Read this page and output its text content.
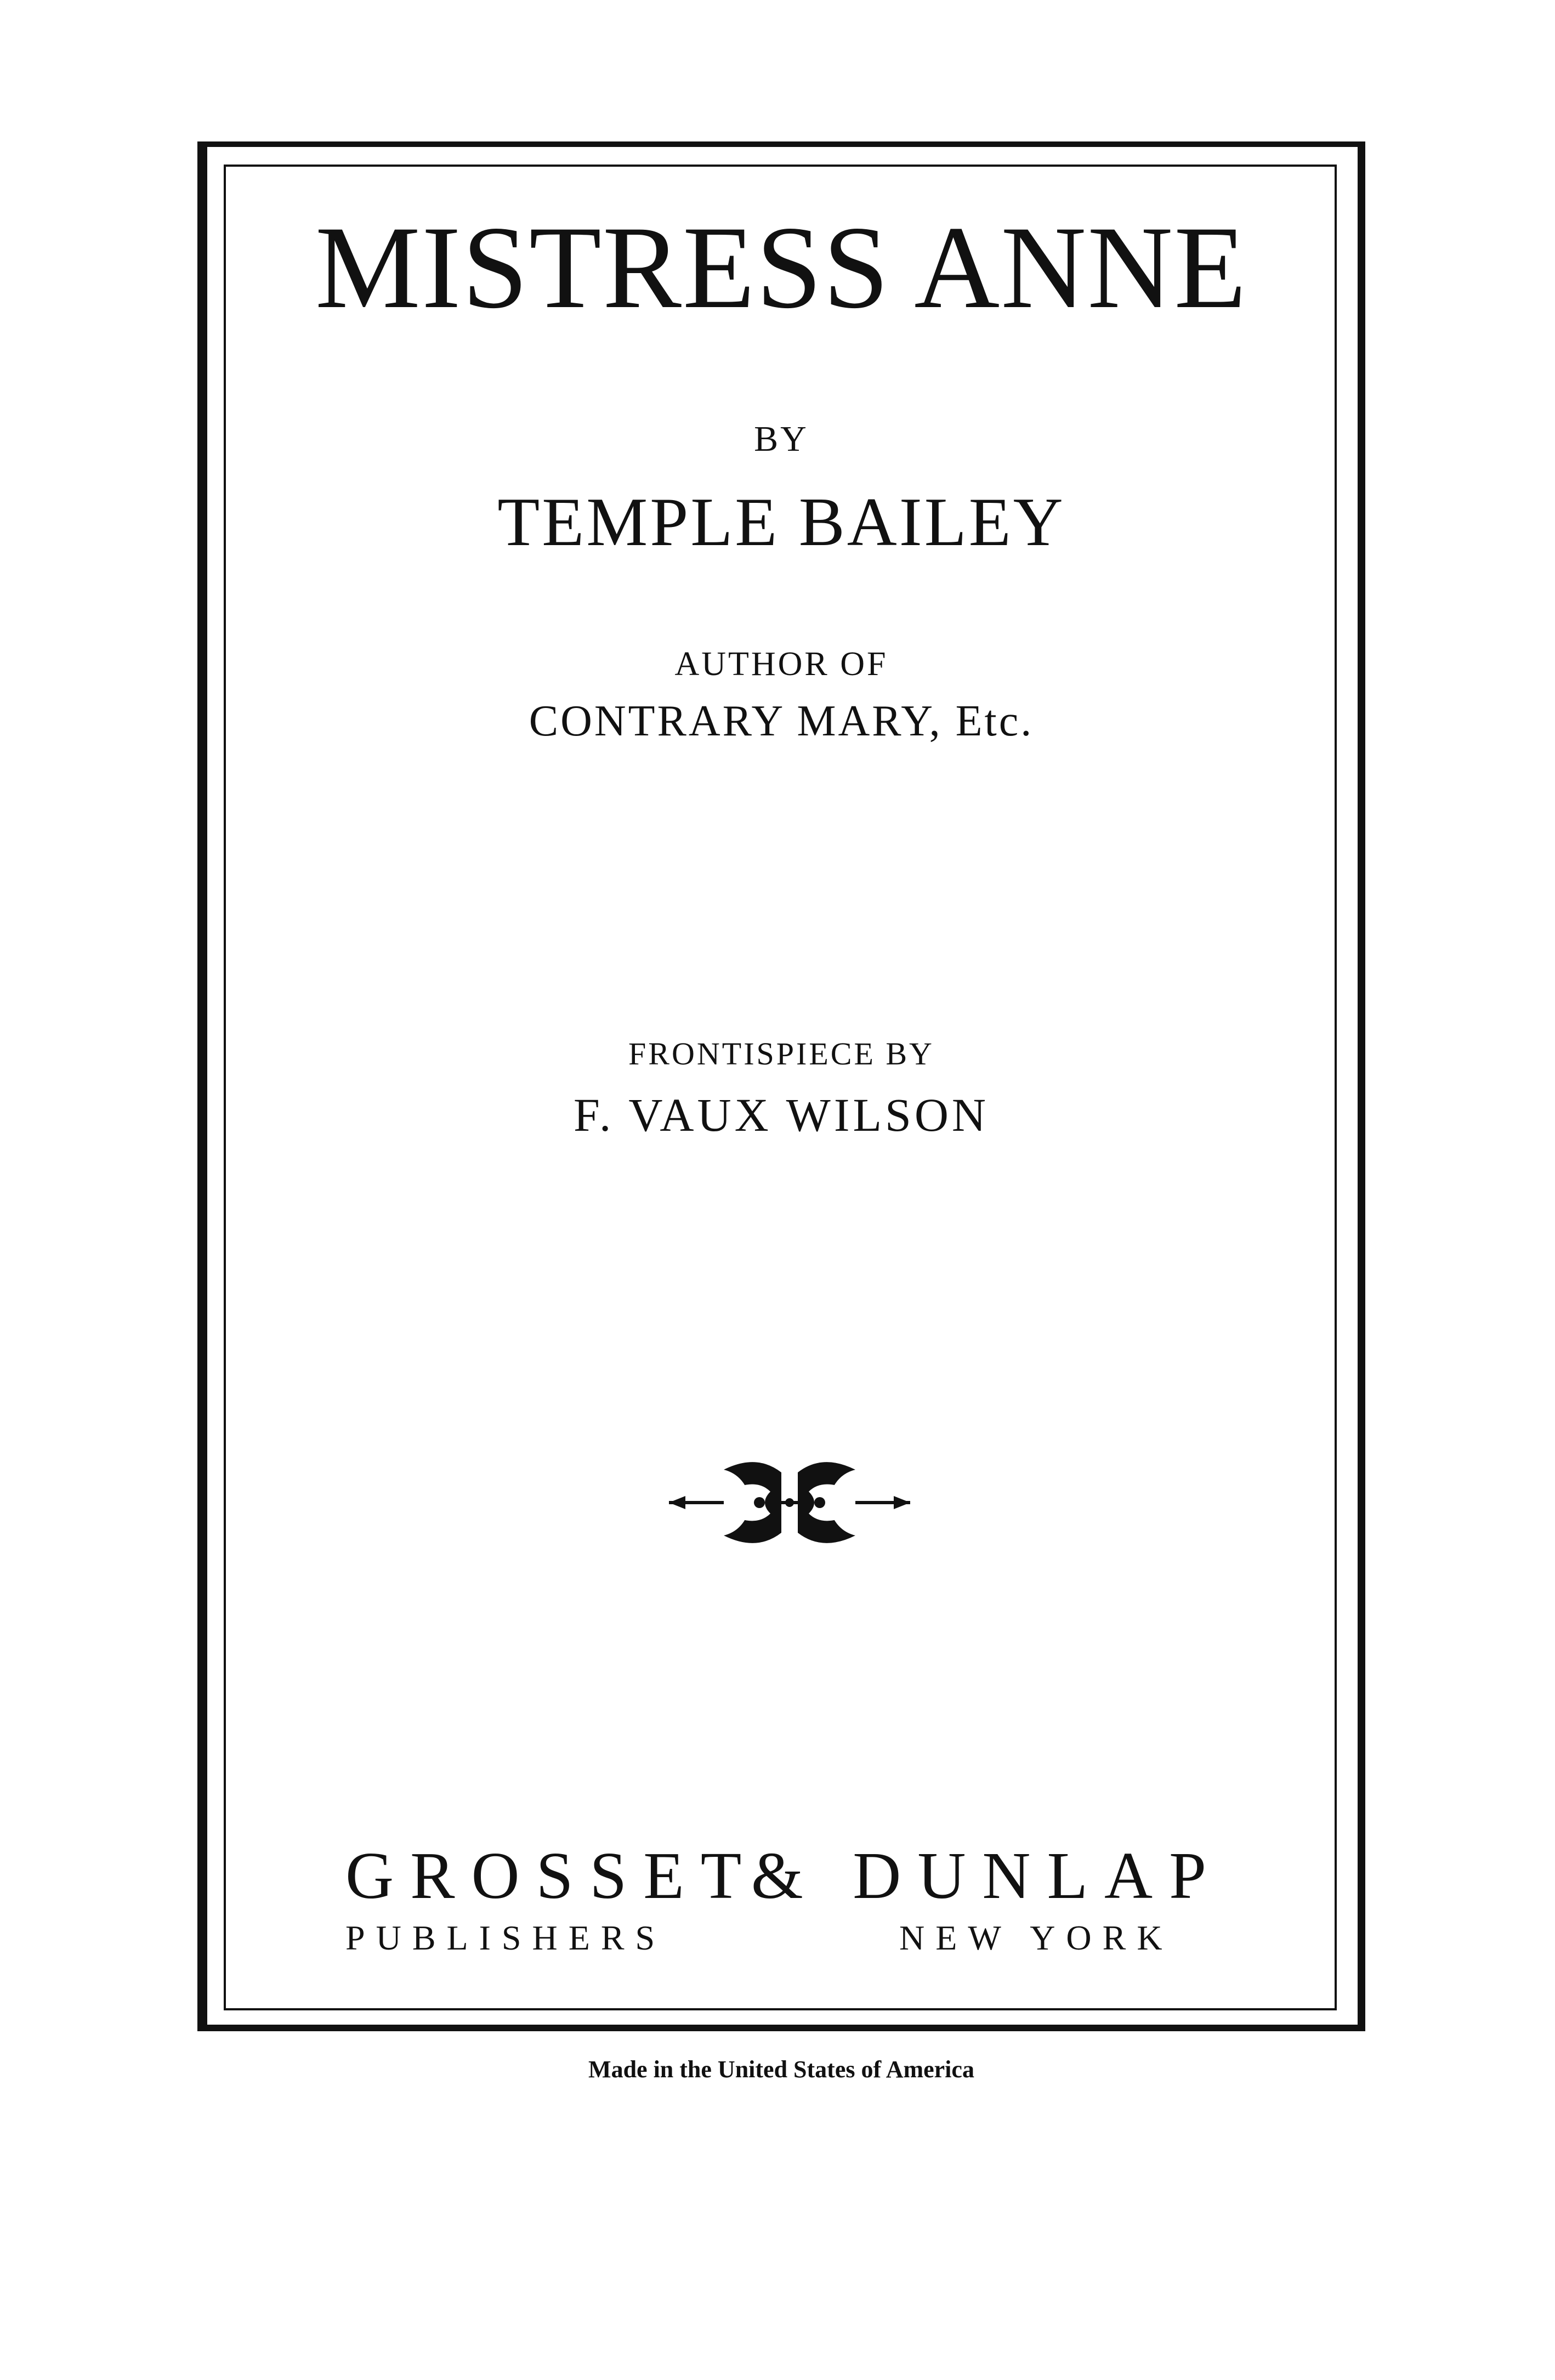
MISTRESS ANNE
BY
TEMPLE BAILEY
AUTHOR OF
CONTRARY MARY, Etc.
FRONTISPIECE BY
F. VAUX WILSON
GROSSET
& DUNLAP
PUBLISHERS	NEW YORK
Made in the United States of America
